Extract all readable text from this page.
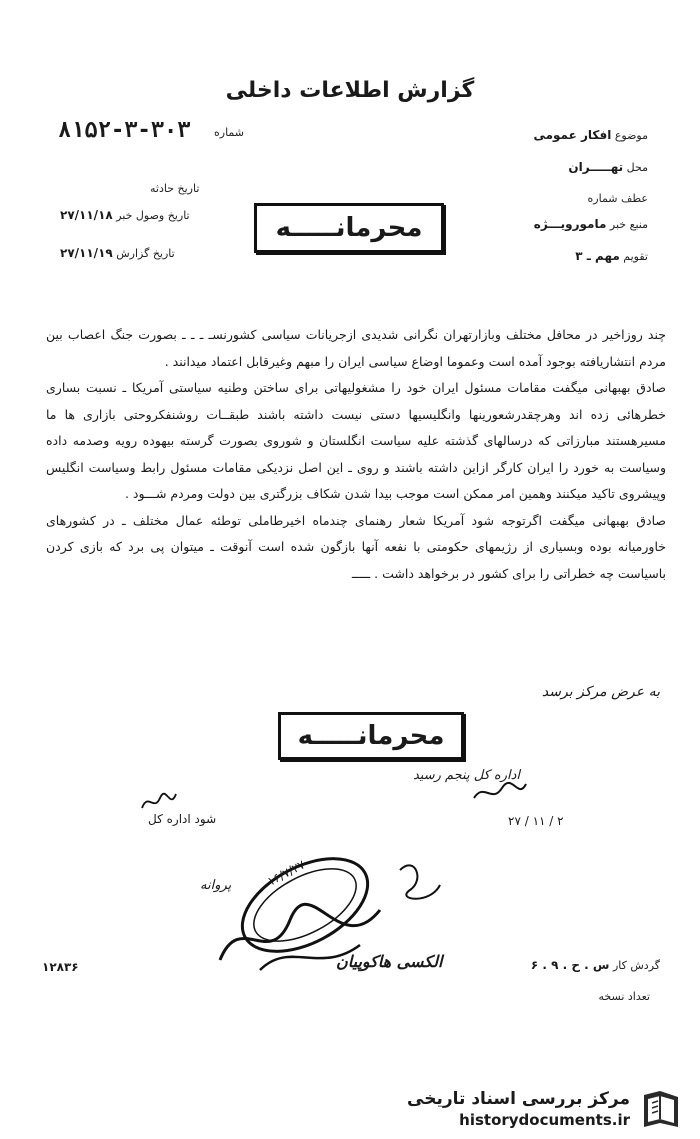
گزارش اطلاعات داخلی
۸۱۵۲-۳-۳۰۳ شماره	موضوع افکار عمومی
محل تهـــــران
عطف شماره
منبع خبر مامورویـــژه
تقویم مهم ـ ۳
تاریخ حادثه
تاریخ وصول خبر ۲۷/۱۱/۱۸
تاریخ گزارش ۲۷/۱۱/۱۹
محرمانـــــه

چند روزاخیر در محافل مختلف وبازارتهران نگرانی شدیدی ازجریانات سیاسی کشورنسـ ـ ـ ـ بصورت جنگ اعصاب بین مردم انتشاریافته بوجود آمده است وعموما اوضاع سیاسی ایران را مبهم وغیرقابل اعتماد میدانند .

صادق بهبهانی میگفت مقامات مسئول ایران خود را مشغولیهاتی برای ساختن وطنیه سیاستی آمریکا ـ نسبت بساری خطرهائی زده اند وهرچقدرشعورینها وانگلیسیها دستی نیست داشته باشند طبقــات روشنفکروحتی بازاری ها ما مسیرهستند مبارزاتی که درسالهای گذشته علیه سیاست انگلستان و شوروی بصورت گرسته بیهوده رویه وصدمه داده وسیاست به خورد را ایران کارگر ازاین داشته باشند و روی ـ این اصل نزدیکی مقامات مسئول رابط وسیاست انگلیس وپیشروی تاکید میکنند وهمین امر ممکن است موجب بیدا شدن شکاف بزرگتری بین دولت ومردم شـــود .

صادق بهبهانی میگفت اگرتوجه شود آمریکا شعار رهنمای چندماه اخیرطاملی توطئه عمال مختلف ـ در کشورهای خاورمیانه بوده وبسیاری از رژیمهای حکومتی با نفعه آنها بازگون شده است آنوقت ـ میتوان پی برد که بازی کردن باسیاست چه خطراتی را برای کشور در برخواهد داشت . ـــــ

به عرض مرکز برسد
محرمانـــــه
اداره کل پنجم رسید
شود اداره کل	۲ / ۱۱ / ۲۷
۱۶/۷/۲۷
پروانه
الکسی هاکوپیان	گردش کار س . ح . ۹ . ۶
تعداد نسخه
۱۲۸۳۶
مرکز بررسی اسناد تاریخی
historydocuments.ir
